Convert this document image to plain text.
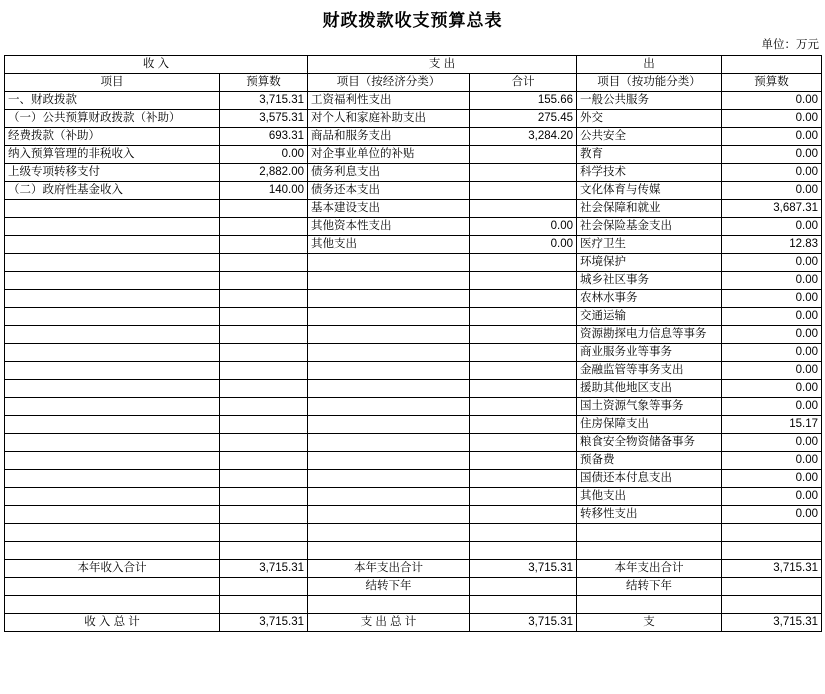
财政拨款收支预算总表
单位：万元
收 入		支 出		出	
项目	预算数	项目（按经济分类）	合计	项目（按功能分类）	预算数
一、财政拨款	3,715.31	工资福利性支出	155.66	一般公共服务	0.00
（一）公共预算财政拨款（补助）	3,575.31	对个人和家庭补助支出	275.45	外交	0.00
经费拨款（补助）	693.31	商品和服务支出	3,284.20	公共安全	0.00
纳入预算管理的非税收入	0.00	对企事业单位的补贴		教育	0.00
上级专项转移支付	2,882.00	债务利息支出		科学技术	0.00
（二）政府性基金收入	140.00	债务还本支出		文化体育与传媒	0.00
		基本建设支出		社会保障和就业	3,687.31
		其他资本性支出	0.00	社会保险基金支出	0.00
		其他支出	0.00	医疗卫生	12.83
				环境保护	0.00
				城乡社区事务	0.00
				农林水事务	0.00
				交通运输	0.00
				资源勘探电力信息等事务	0.00
				商业服务业等事务	0.00
				金融监管等事务支出	0.00
				援助其他地区支出	0.00
				国土资源气象等事务	0.00
				住房保障支出	15.17
				粮食安全物资储备事务	0.00
				预备费	0.00
				国债还本付息支出	0.00
				其他支出	0.00
				转移性支出	0.00

本年收入合计	3,715.31	本年支出合计	3,715.31	本年支出合计	3,715.31
		结转下年		结转下年	

收 入 总 计	3,715.31	支 出 总 计	3,715.31	支	3,715.31
